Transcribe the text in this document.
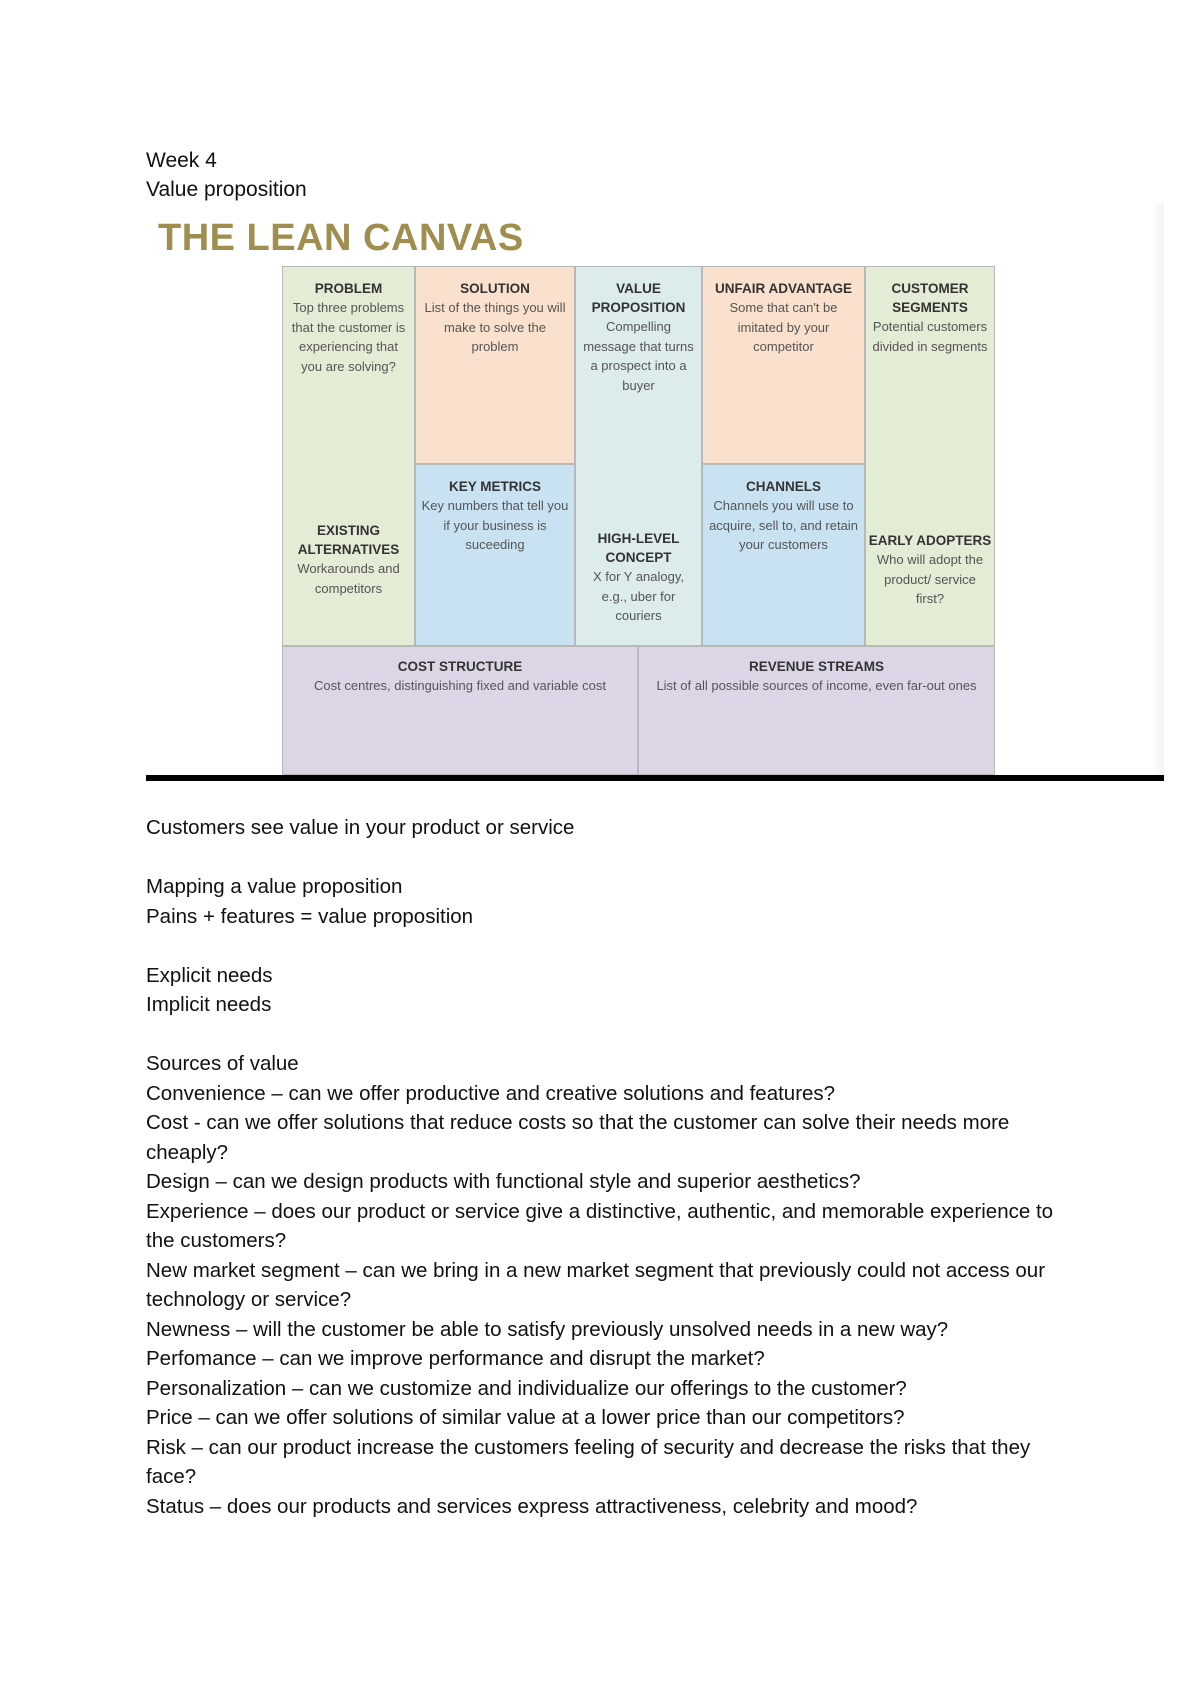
Week 4
Value proposition
THE LEAN CANVAS
PROBLEM
Top three problems that the customer is experiencing that you are solving?
EXISTING ALTERNATIVES
Workarounds and competitors
SOLUTION
List of the things you will make to solve the problem
KEY METRICS
Key numbers that tell you if your business is suceeding
VALUE PROPOSITION
Compelling message that turns a prospect into a buyer
HIGH-LEVEL CONCEPT
X for Y analogy, e.g., uber for couriers
UNFAIR ADVANTAGE
Some that can't be imitated by your competitor
CHANNELS
Channels you will use to acquire, sell to, and retain your customers
CUSTOMER SEGMENTS
Potential customers divided in segments
EARLY ADOPTERS
Who will adopt the product/ service first?
COST STRUCTURE
Cost centres, distinguishing fixed and variable cost
REVENUE STREAMS
List of all possible sources of income, even far-out ones

Customers see value in your product or service

Mapping a value proposition

Pains + features = value proposition

Explicit needs

Implicit needs

Sources of value

Convenience – can we offer productive and creative solutions and features?

Cost - can we offer solutions that reduce costs so that the customer can solve their needs more cheaply?

Design – can we design products with functional style and superior aesthetics?

Experience – does our product or service give a distinctive, authentic, and memorable experience to the customers?

New market segment – can we bring in a new market segment that previously could not access our technology or service?

Newness – will the customer be able to satisfy previously unsolved needs in a new way?

Perfomance – can we improve performance and disrupt the market?

Personalization – can we customize and individualize our offerings to the customer?

Price – can we offer solutions of similar value at a lower price than our competitors?

Risk – can our product increase the customers feeling of security and decrease the risks that they face?

Status – does our products and services express attractiveness, celebrity and mood?
